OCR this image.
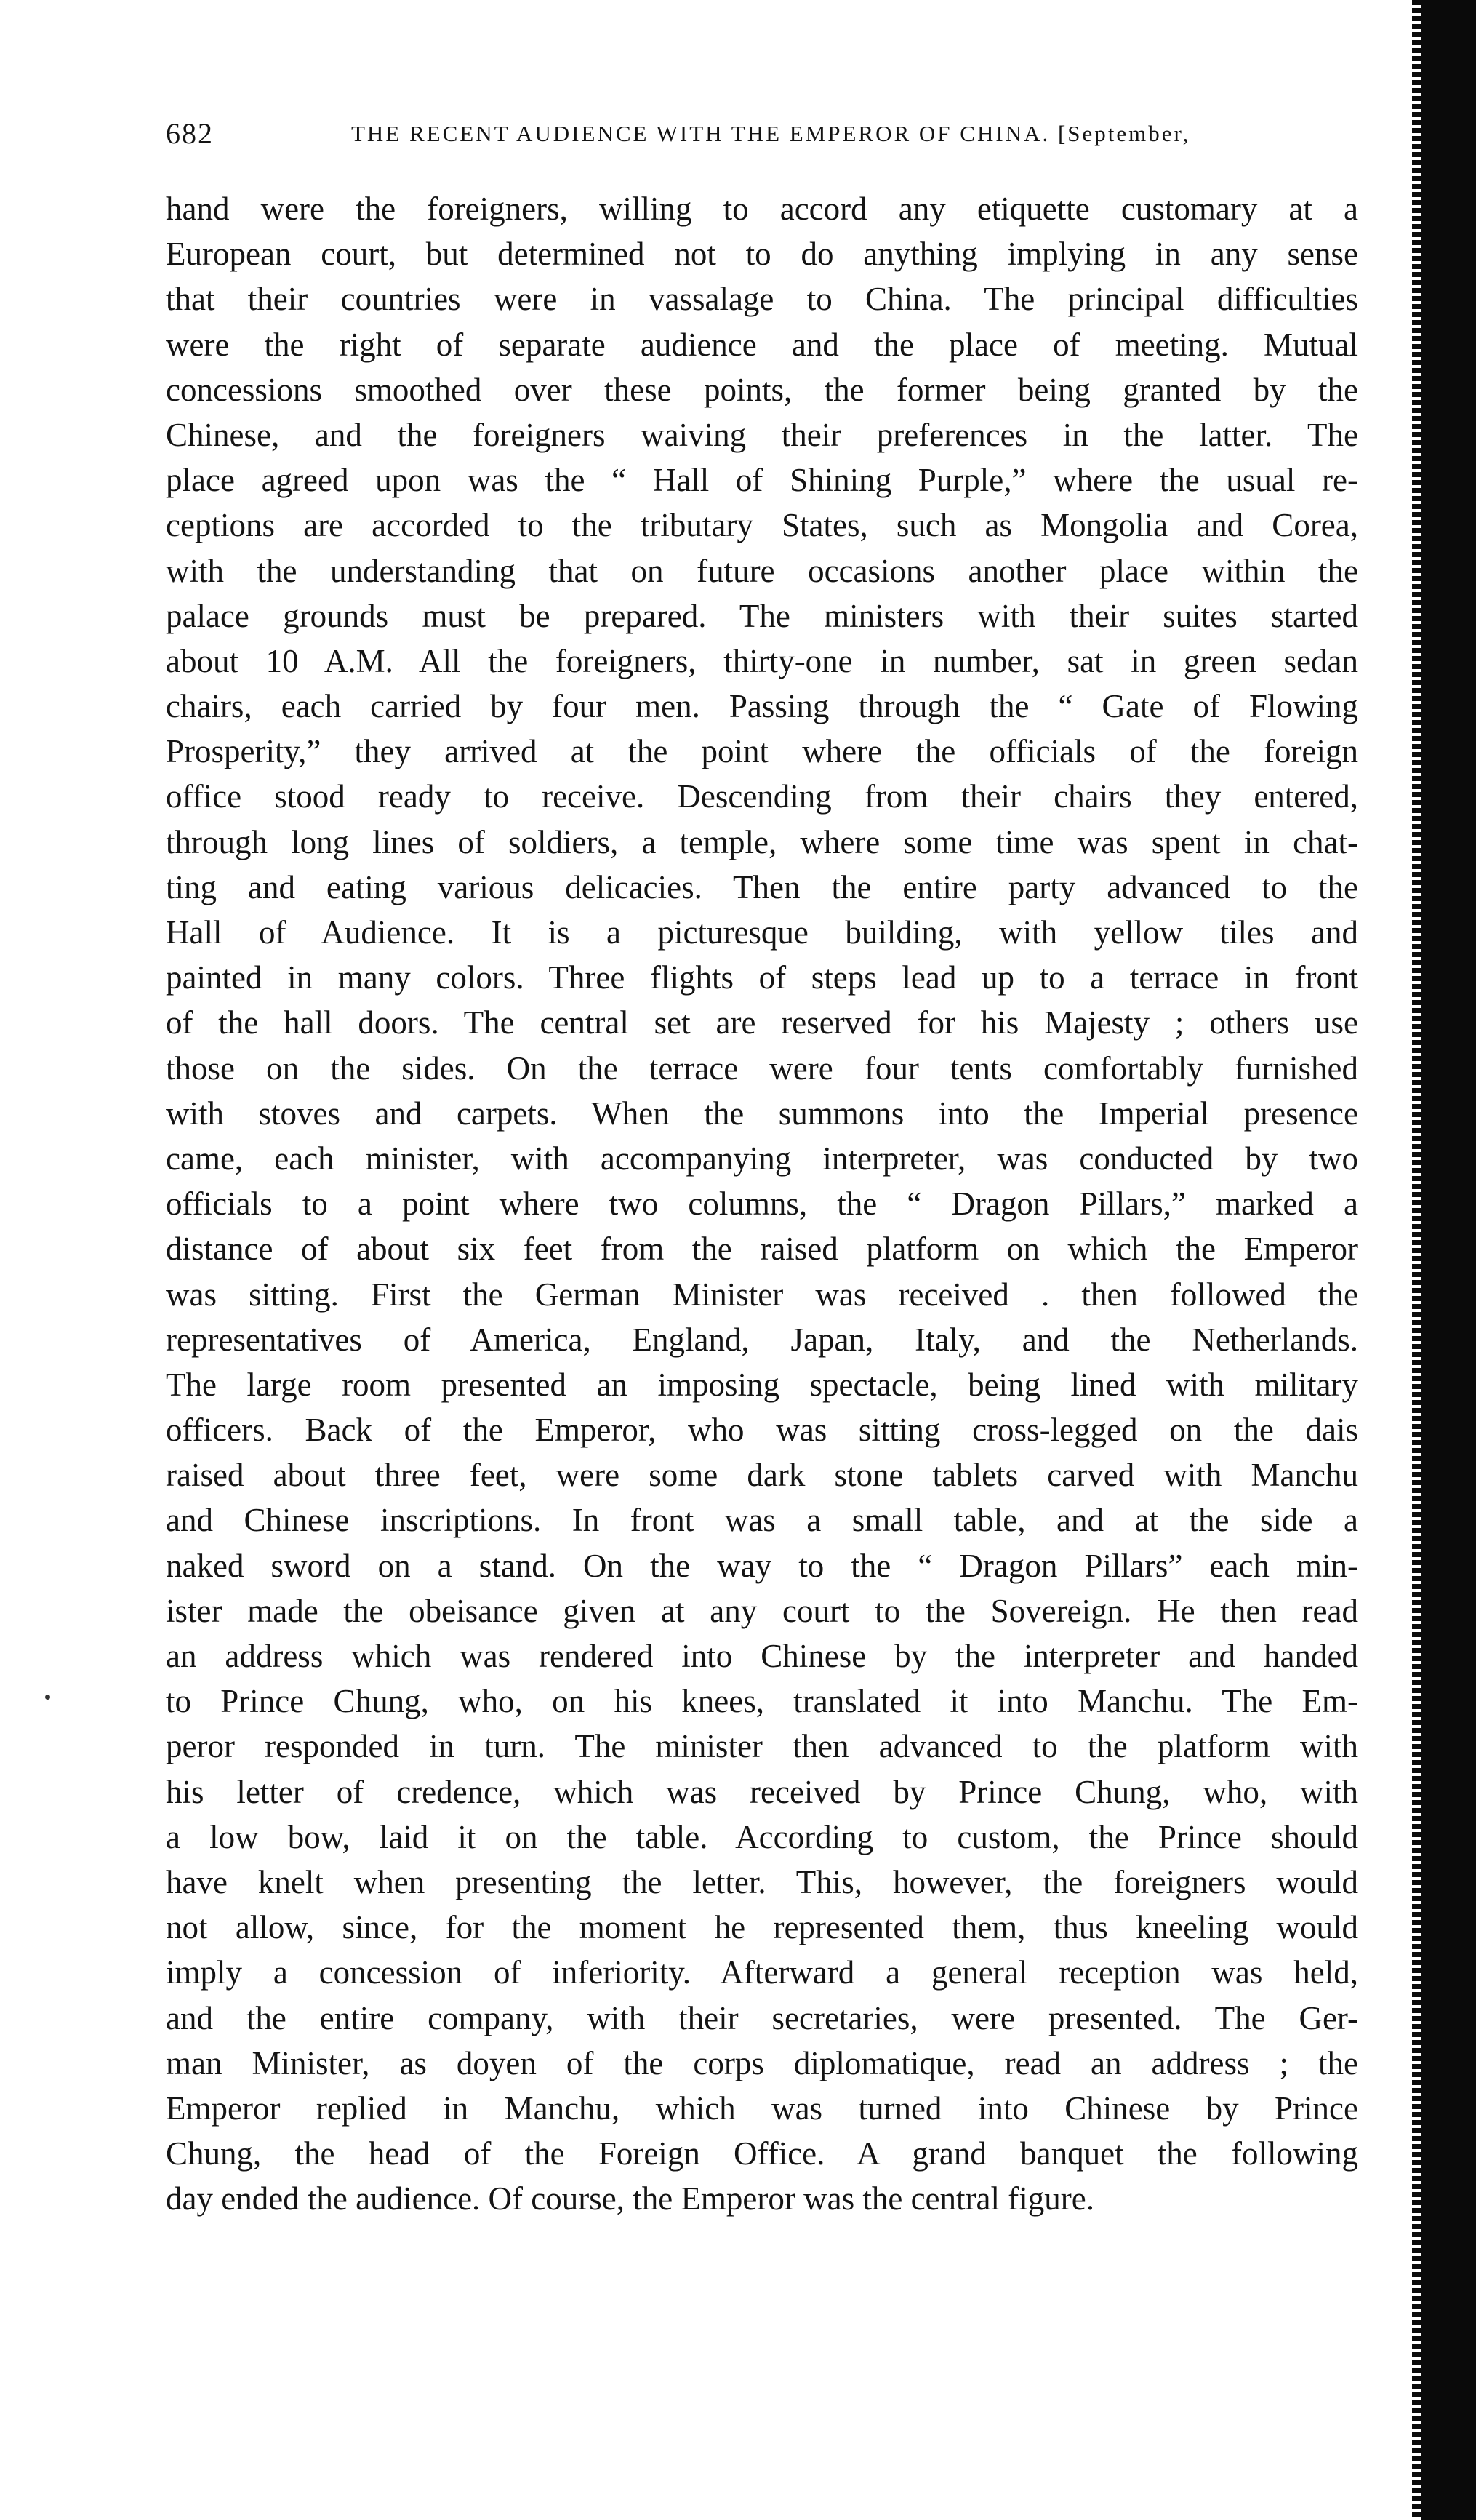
682	THE RECENT AUDIENCE WITH THE EMPEROR OF CHINA. [September,
hand were the foreigners, willing to accord any etiquette customary at a
European court, but determined not to do anything implying in any sense
that their countries were in vassalage to China. The principal difficulties
were the right of separate audience and the place of meeting. Mutual
concessions smoothed over these points, the former being granted by the
Chinese, and the foreigners waiving their preferences in the latter. The
place agreed upon was the “ Hall of Shining Purple,” where the usual re-
ceptions are accorded to the tributary States, such as Mongolia and Corea,
with the understanding that on future occasions another place within the
palace grounds must be prepared. The ministers with their suites started
about 10 A.M. All the foreigners, thirty-one in number, sat in green sedan
chairs, each carried by four men. Passing through the “ Gate of Flowing
Prosperity,” they arrived at the point where the officials of the foreign
office stood ready to receive. Descending from their chairs they entered,
through long lines of soldiers, a temple, where some time was spent in chat-
ting and eating various delicacies. Then the entire party advanced to the
Hall of Audience. It is a picturesque building, with yellow tiles and
painted in many colors. Three flights of steps lead up to a terrace in front
of the hall doors. The central set are reserved for his Majesty ; others use
those on the sides. On the terrace were four tents comfortably furnished
with stoves and carpets. When the summons into the Imperial presence
came, each minister, with accompanying interpreter, was conducted by two
officials to a point where two columns, the “ Dragon Pillars,” marked a
distance of about six feet from the raised platform on which the Emperor
was sitting. First the German Minister was received . then followed the
representatives of America, England, Japan, Italy, and the Netherlands.
The large room presented an imposing spectacle, being lined with military
officers. Back of the Emperor, who was sitting cross-legged on the dais
raised about three feet, were some dark stone tablets carved with Manchu
and Chinese inscriptions. In front was a small table, and at the side a
naked sword on a stand. On the way to the “ Dragon Pillars” each min-
ister made the obeisance given at any court to the Sovereign. He then read
an address which was rendered into Chinese by the interpreter and handed
to Prince Chung, who, on his knees, translated it into Manchu. The Em-
peror responded in turn. The minister then advanced to the platform with
his letter of credence, which was received by Prince Chung, who, with
a low bow, laid it on the table. According to custom, the Prince should
have knelt when presenting the letter. This, however, the foreigners would
not allow, since, for the moment he represented them, thus kneeling would
imply a concession of inferiority. Afterward a general reception was held,
and the entire company, with their secretaries, were presented. The Ger-
man Minister, as doyen of the corps diplomatique, read an address ; the
Emperor replied in Manchu, which was turned into Chinese by Prince
Chung, the head of the Foreign Office. A grand banquet the following
day ended the audience. Of course, the Emperor was the central figure.
